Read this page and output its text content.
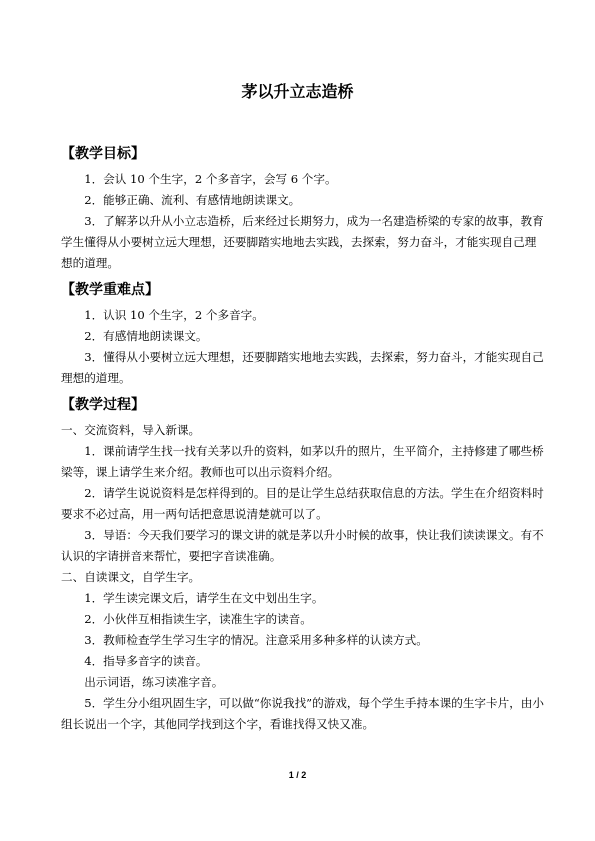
茅以升立志造桥
【教学目标】

1．会认 10 个生字，2 个多音字，会写 6 个字。

2．能够正确、流利、有感情地朗读课文。

3．了解茅以升从小立志造桥，后来经过长期努力，成为一名建造桥梁的专家的故事，教育学生懂得从小要树立远大理想，还要脚踏实地地去实践，去探索，努力奋斗，才能实现自己理想的道理。

【教学重难点】

1．认识 10 个生字，2 个多音字。

2．有感情地朗读课文。

3．懂得从小要树立远大理想，还要脚踏实地地去实践，去探索，努力奋斗，才能实现自己理想的道理。

【教学过程】

一、交流资料，导入新课。

1．课前请学生找一找有关茅以升的资料，如茅以升的照片，生平简介，主持修建了哪些桥梁等，课上请学生来介绍。教师也可以出示资料介绍。

2．请学生说说资料是怎样得到的。目的是让学生总结获取信息的方法。学生在介绍资料时要求不必过高，用一两句话把意思说清楚就可以了。

3．导语：今天我们要学习的课文讲的就是茅以升小时候的故事，快让我们读读课文。有不认识的字请拼音来帮忙，要把字音读准确。

二、自读课文，自学生字。

1．学生读完课文后，请学生在文中划出生字。

2．小伙伴互相指读生字，读准生字的读音。

3．教师检查学生学习生字的情况。注意采用多种多样的认读方式。

4．指导多音字的读音。

出示词语，练习读准字音。

5．学生分小组巩固生字，可以做“你说我找”的游戏，每个学生手持本课的生字卡片，由小组长说出一个字，其他同学找到这个字，看谁找得又快又准。

1 / 2
